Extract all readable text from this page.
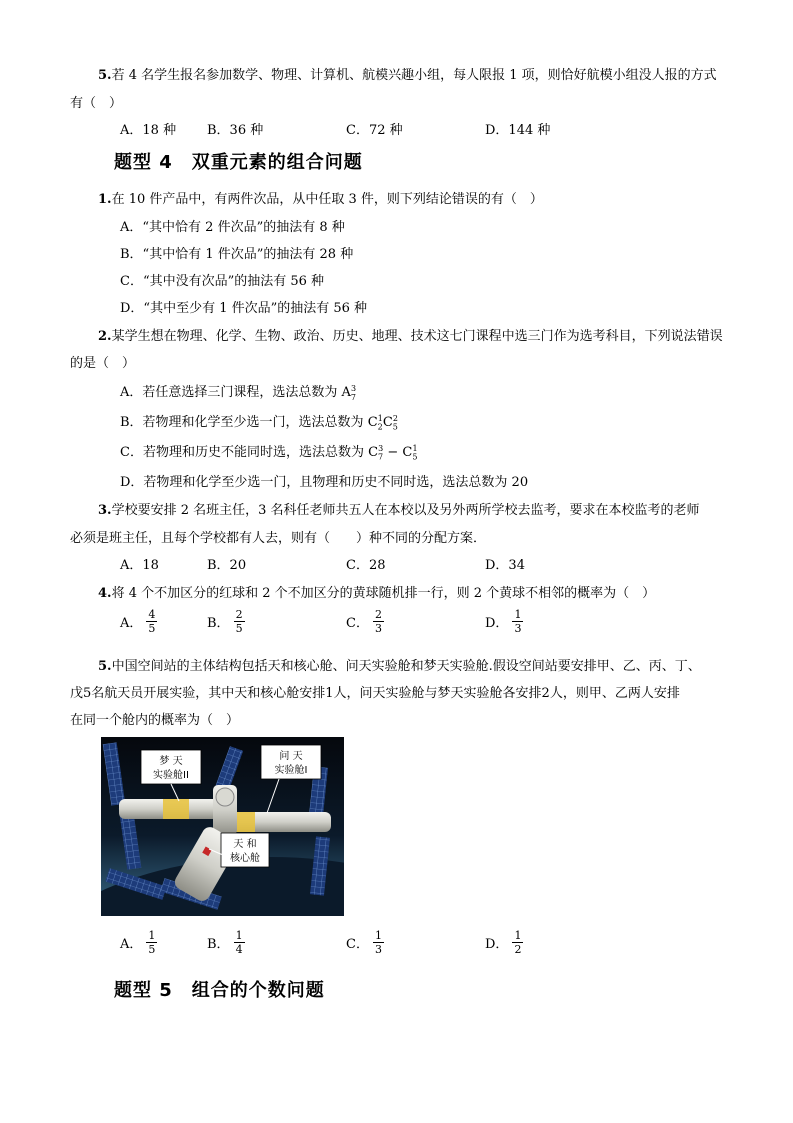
5.若 4 名学生报名参加数学、物理、计算机、航模兴趣小组，每人限报 1 项，则恰好航模小组没人报的方式
有（　）
A．18 种 B．36 种	C．72 种	D．144 种
题型 4　双重元素的组合问题
1.在 10 件产品中，有两件次品，从中任取 3 件，则下列结论错误的有（　）
A．“其中恰有 2 件次品”的抽法有 8 种
B．“其中恰有 1 件次品”的抽法有 28 种
C．“其中没有次品”的抽法有 56 种
D．“其中至少有 1 件次品”的抽法有 56 种
2.某学生想在物理、化学、生物、政治、历史、地理、技术这七门课程中选三门作为选考科目，下列说法错误
的是（　）
A．若任意选择三门课程，选法总数为 $A_7^3$
B．若物理和化学至少选一门，选法总数为 $C_2^1C_5^2$
C．若物理和历史不能同时选，选法总数为 $C_7^3 - C_5^1$
D．若物理和化学至少选一门，且物理和历史不同时选，选法总数为 20
3.学校要安排 2 名班主任，3 名科任老师共五人在本校以及另外两所学校去监考，要求在本校监考的老师
必须是班主任，且每个学校都有人去，则有（　　）种不同的分配方案．
A．18	B．20	C．28	D．34
4.将 4 个不加区分的红球和 2 个不加区分的黄球随机排一行，则 2 个黄球不相邻的概率为（　）
A． $\frac{4}{5}$	B． $\frac{2}{5}$	C． $\frac{2}{3}$	D． $\frac{1}{3}$
5.中国空间站的主体结构包括天和核心舱、问天实验舱和梦天实验舱.假设空间站要安排甲、乙、丙、丁、
戊5名航天员开展实验，其中天和核心舱安排1人，问天实验舱与梦天实验舱各安排2人，则甲、乙两人安排
在同一个舱内的概率为（　）
梦 天
实验舱II
问 天
实验舱I
天 和
核心舱
A． $\frac{1}{5}$	B． $\frac{1}{4}$	C． $\frac{1}{3}$	D． $\frac{1}{2}$
题型 5　组合的个数问题
